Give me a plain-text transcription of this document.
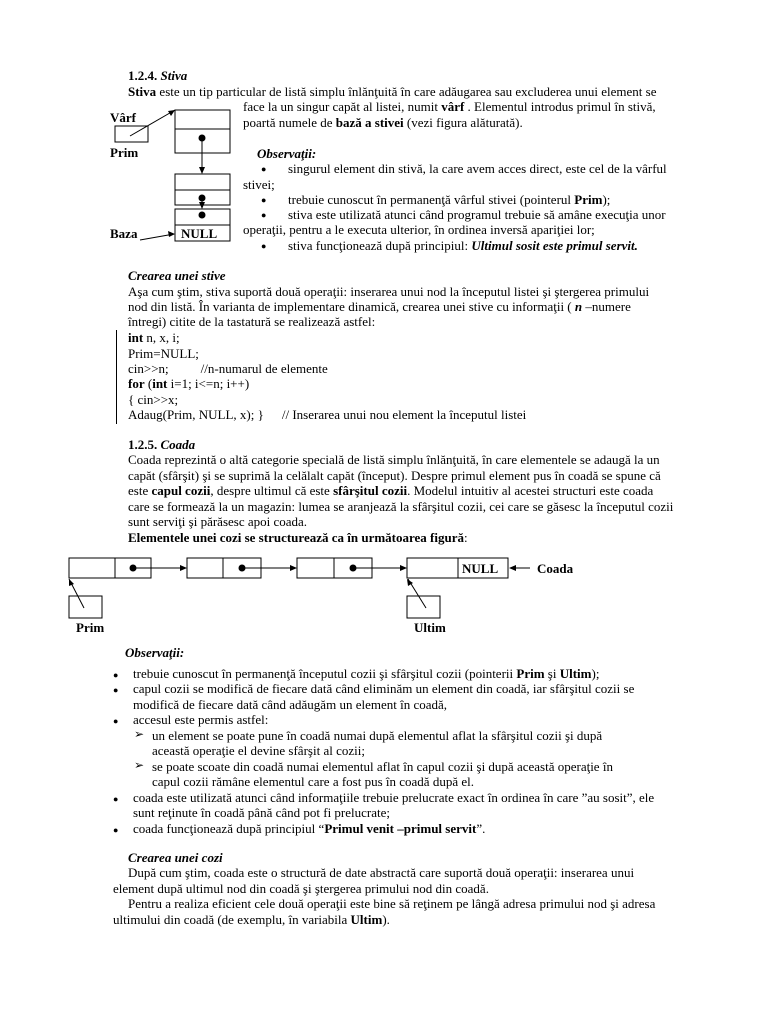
1.2.4. Stiva
Stiva este un tip particular de listă simplu înlănţuită în care adăugarea sau excluderea unui element se
face la un singur capăt al listei, numit vârf . Elementul introdus primul în stivă,
poartă numele de bază a stivei (vezi figura alăturată).
Vârf
Prim
Baza	NULL
Observaţii:
● singurul element din stivă, la care avem acces direct, este cel de la vârful
stivei;
● trebuie cunoscut în permanenţă vârful stivei (pointerul Prim);
● stiva este utilizată atunci când programul trebuie să amâne execuţia unor
operaţii, pentru a le executa ulterior, în ordinea inversă apariţiei lor;
● stiva funcţionează după principiul: Ultimul sosit este primul servit.
Crearea unei stive
Aşa cum ştim, stiva suportă două operaţii: inserarea unui nod la începutul listei şi ştergerea primului
nod din listă. În varianta de implementare dinamică, crearea unei stive cu informaţii ( n –numere
întregi) citite de la tastatură se realizează astfel:
int n, x, i;
Prim=NULL;
cin>>n; //n-numarul de elemente
for (int i=1; i<=n; i++)
{ cin>>x;
Adaug(Prim, NULL, x); } // Inserarea unui nou element la începutul listei
1.2.5. Coada
Coada reprezintă o altă categorie specială de listă simplu înlănţuită, în care elementele se adaugă la un
capăt (sfârşit) şi se suprimă la celălalt capăt (început). Despre primul element pus în coadă se spune că
este capul cozii, despre ultimul că este sfârşitul cozii. Modelul intuitiv al acestei structuri este coada
care se formează la un magazin: lumea se aranjează la sfârşitul cozii, cei care se găsesc la începutul cozii
sunt serviţi şi părăsesc apoi coada.
Elementele unei cozi se structurează ca în următoarea figură:
NULL	Coada
Prim	Ultim
Observaţii:
● trebuie cunoscut în permanenţă începutul cozii şi sfârşitul cozii (pointerii Prim şi Ultim);
● capul cozii se modifică de fiecare dată când eliminăm un element din coadă, iar sfârşitul cozii se
modifică de fiecare dată când adăugăm un element în coadă,
● accesul este permis astfel:
➢ un element se poate pune în coadă numai după elementul aflat la sfârşitul cozii şi după
această operaţie el devine sfârşit al cozii;
➢ se poate scoate din coadă numai elementul aflat în capul cozii şi după această operaţie în
capul cozii rămâne elementul care a fost pus în coadă după el.
● coada este utilizată atunci când informaţiile trebuie prelucrate exact în ordinea în care ”au sosit”, ele
sunt reţinute în coadă până când pot fi prelucrate;
● coada funcţionează după principiul “Primul venit –primul servit”.
Crearea unei cozi
După cum ştim, coada este o structură de date abstractă care suportă două operaţii: inserarea unui
element după ultimul nod din coadă şi ştergerea primului nod din coadă.
Pentru a realiza eficient cele două operaţii este bine să reţinem pe lângă adresa primului nod şi adresa
ultimului din coadă (de exemplu, în variabila Ultim).
